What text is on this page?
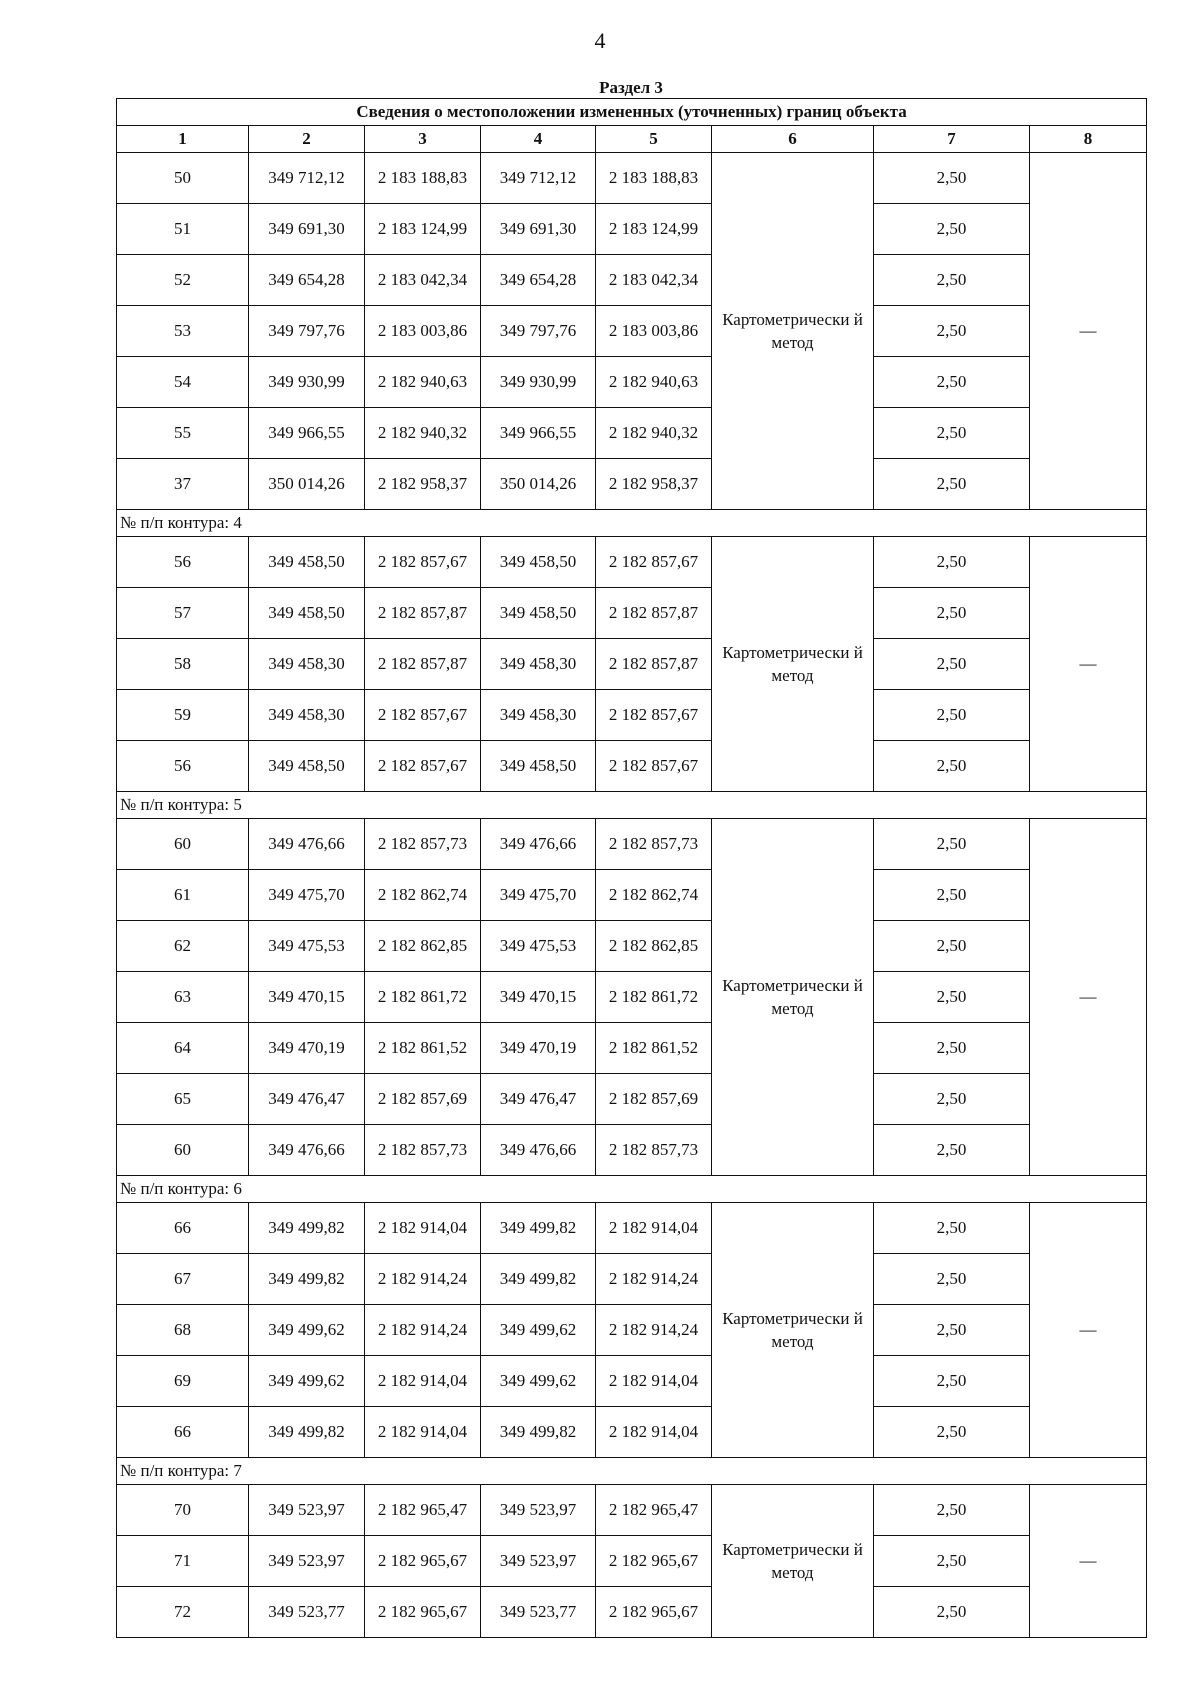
4
Раздел 3
Сведения о местоположении измененных (уточненных) границ объекта							
1	2	3	4	5	6	7	8
50	349 712,12	2 183 188,83	349 712,12	2 183 188,83	Картометрически й метод	2,50	—
51	349 691,30	2 183 124,99	349 691,30	2 183 124,99		2,50	
52	349 654,28	2 183 042,34	349 654,28	2 183 042,34		2,50	
53	349 797,76	2 183 003,86	349 797,76	2 183 003,86		2,50	
54	349 930,99	2 182 940,63	349 930,99	2 182 940,63		2,50	
55	349 966,55	2 182 940,32	349 966,55	2 182 940,32		2,50	
37	350 014,26	2 182 958,37	350 014,26	2 182 958,37		2,50	
№ п/п контура: 4							
56	349 458,50	2 182 857,67	349 458,50	2 182 857,67	Картометрически й метод	2,50	—
57	349 458,50	2 182 857,87	349 458,50	2 182 857,87		2,50	
58	349 458,30	2 182 857,87	349 458,30	2 182 857,87		2,50	
59	349 458,30	2 182 857,67	349 458,30	2 182 857,67		2,50	
56	349 458,50	2 182 857,67	349 458,50	2 182 857,67		2,50	
№ п/п контура: 5							
60	349 476,66	2 182 857,73	349 476,66	2 182 857,73	Картометрически й метод	2,50	—
61	349 475,70	2 182 862,74	349 475,70	2 182 862,74		2,50	
62	349 475,53	2 182 862,85	349 475,53	2 182 862,85		2,50	
63	349 470,15	2 182 861,72	349 470,15	2 182 861,72		2,50	
64	349 470,19	2 182 861,52	349 470,19	2 182 861,52		2,50	
65	349 476,47	2 182 857,69	349 476,47	2 182 857,69		2,50	
60	349 476,66	2 182 857,73	349 476,66	2 182 857,73		2,50	
№ п/п контура: 6							
66	349 499,82	2 182 914,04	349 499,82	2 182 914,04	Картометрически й метод	2,50	—
67	349 499,82	2 182 914,24	349 499,82	2 182 914,24		2,50	
68	349 499,62	2 182 914,24	349 499,62	2 182 914,24		2,50	
69	349 499,62	2 182 914,04	349 499,62	2 182 914,04		2,50	
66	349 499,82	2 182 914,04	349 499,82	2 182 914,04		2,50	
№ п/п контура: 7							
70	349 523,97	2 182 965,47	349 523,97	2 182 965,47	Картометрически й метод	2,50	—
71	349 523,97	2 182 965,67	349 523,97	2 182 965,67		2,50	
72	349 523,77	2 182 965,67	349 523,77	2 182 965,67		2,50	
